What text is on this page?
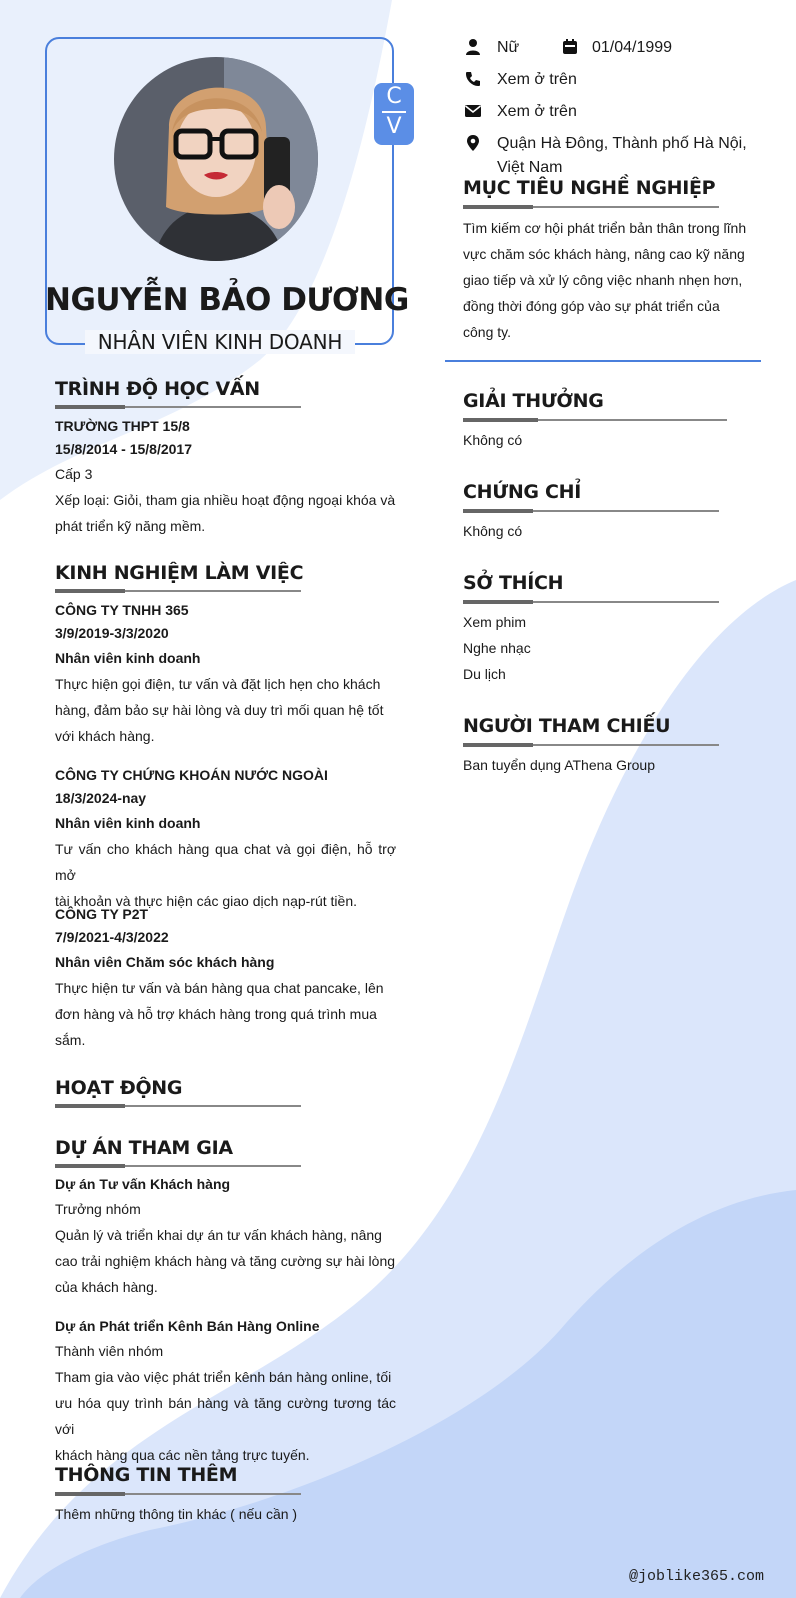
C
V
NGUYỄN BẢO DƯƠNG
NHÂN VIÊN KINH DOANH
Nữ	01/04/1999
Xem ở trên
Xem ở trên
Quận Hà Đông, Thành phố Hà Nội,
Việt Nam
MỤC TIÊU NGHỀ NGHIỆP
Tìm kiếm cơ hội phát triển bản thân trong lĩnh
vực chăm sóc khách hàng, nâng cao kỹ năng
giao tiếp và xử lý công việc nhanh nhẹn hơn,
đồng thời đóng góp vào sự phát triển của
công ty.
GIẢI THƯỞNG
Không có
CHỨNG CHỈ
Không có
SỞ THÍCH
Xem phim
Nghe nhạc
Du lịch
NGƯỜI THAM CHIẾU
Ban tuyển dụng AThena Group
TRÌNH ĐỘ HỌC VẤN
TRƯỜNG THPT 15/8
15/8/2014 - 15/8/2017
Cấp 3
Xếp loại: Giỏi, tham gia nhiều hoạt động ngoại khóa và
phát triển kỹ năng mềm.
KINH NGHIỆM LÀM VIỆC
CÔNG TY TNHH 365
3/9/2019-3/3/2020
Nhân viên kinh doanh
Thực hiện gọi điện, tư vấn và đặt lịch hẹn cho khách
hàng, đảm bảo sự hài lòng và duy trì mối quan hệ tốt
với khách hàng.
CÔNG TY CHỨNG KHOÁN NƯỚC NGOÀI
18/3/2024-nay
Nhân viên kinh doanh
Tư vấn cho khách hàng qua chat và gọi điện, hỗ trợ mở
tài khoản và thực hiện các giao dịch nạp-rút tiền.
CÔNG TY P2T
7/9/2021-4/3/2022
Nhân viên Chăm sóc khách hàng
Thực hiện tư vấn và bán hàng qua chat pancake, lên
đơn hàng và hỗ trợ khách hàng trong quá trình mua
sắm.
HOẠT ĐỘNG
DỰ ÁN THAM GIA
Dự án Tư vấn Khách hàng
Trưởng nhóm
Quản lý và triển khai dự án tư vấn khách hàng, nâng
cao trải nghiệm khách hàng và tăng cường sự hài lòng
của khách hàng.
Dự án Phát triển Kênh Bán Hàng Online
Thành viên nhóm
Tham gia vào việc phát triển kênh bán hàng online, tối
ưu hóa quy trình bán hàng và tăng cường tương tác với
khách hàng qua các nền tảng trực tuyến.
THÔNG TIN THÊM
Thêm những thông tin khác ( nếu cần )
@joblike365.com
